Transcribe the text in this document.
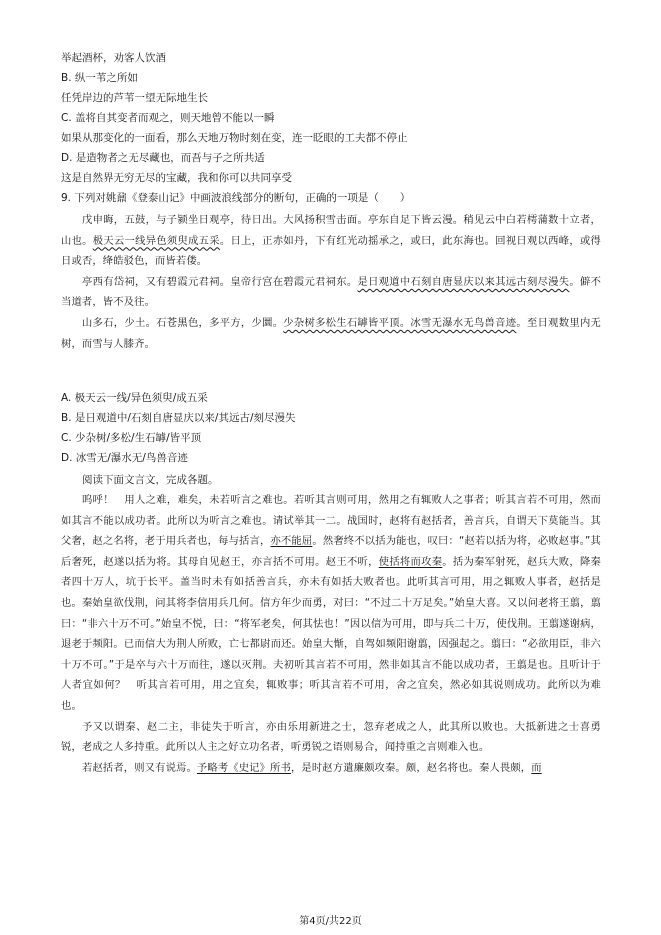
举起酒杯，劝客人饮酒
B. 纵一苇之所如
任凭岸边的芦苇一望无际地生长
C. 盖将自其变者而观之，则天地曾不能以一瞬
如果从那变化的一面看，那么天地万物时刻在变，连一眨眼的工夫都不停止
D. 是造物者之无尽藏也，而吾与子之所共适
这是自然界无穷无尽的宝藏，我和你可以共同享受
9. 下列对姚鼐《登泰山记》中画波浪线部分的断句，正确的一项是（　　）

戊申晦，五鼓，与子颍坐日观亭，待日出。大风扬积雪击面。亭东自足下皆云漫。稍见云中白若樗蒲数十立者，山也。极天云一线异色须臾成五采。日上，正赤如丹，下有红光动摇承之，或曰，此东海也。回视日观以西峰，或得日或否，绛皓驳色，而皆若偻。

亭西有岱祠，又有碧霞元君祠。皇帝行宫在碧霞元君祠东。是日观道中石刻自唐显庆以来其远古刻尽漫失。僻不当道者，皆不及往。

山多石，少土。石苍黑色，多平方，少圜。少杂树多松生石罅皆平顶。冰雪无瀑水无鸟兽音迹。至日观数里内无树，而雪与人膝齐。

A. 极天云一线/异色须臾/成五采
B. 是日观道中/石刻自唐显庆以来/其远古/刻尽漫失
C. 少杂树/多松/生石罅/皆平顶
D. 冰雪无/瀑水无/鸟兽音迹
阅读下面文言文，完成各题。

呜呼！　用人之难，难矣，未若听言之难也。若听其言则可用，然用之有辄败人之事者；听其言若不可用，然而如其言不能以成功者。此所以为听言之难也。请试举其一二。战国时，赵将有赵括者，善言兵，自谓天下莫能当。其父奢，赵之名将，老于用兵者也，每与括言，亦不能屈。然奢终不以括为能也，叹曰：“赵若以括为将，必败赵事。”其后奢死，赵遂以括为将。其母自见赵王，亦言括不可用。赵王不听，使括将而攻秦。括为秦军射死，赵兵大败，降秦者四十万人，坑于长平。盖当时未有如括善言兵，亦未有如括大败者也。此听其言可用，用之辄败人事者，赵括是也。秦始皇欲伐荆，问其将李信用兵几何。信方年少而勇，对曰：“不过二十万足矣。”始皇大喜。又以问老将王翦，翦曰：“非六十万不可。”始皇不悦，曰：“将军老矣，何其怯也！”因以信为可用，即与兵二十万，使伐荆。王翦遂谢病，退老于频阳。已而信大为荆人所败，亡七都尉而还。始皇大惭，自驾如频阳谢翦，因强起之。翦曰：“必欲用臣，非六十万不可。”于是卒与六十万而往，遂以灭荆。夫初听其言若不可用，然非如其言不能以成功者，王翦是也。且听计于人者宜如何？　听其言若可用，用之宜矣，辄败事；听其言若不可用，舍之宜矣，然必如其说则成功。此所以为难也。

予又以谓秦、赵二主，非徒失于听言，亦由乐用新进之士，忽弃老成之人，此其所以败也。大抵新进之士喜勇锐，老成之人多持重。此所以人主之好立功名者，听勇锐之语则易合，闻持重之言则难入也。

若赵括者，则又有说焉。予略考《史记》所书，是时赵方遣廉颇攻秦。颇，赵名将也。秦人畏颇，而

第4页/共22页
